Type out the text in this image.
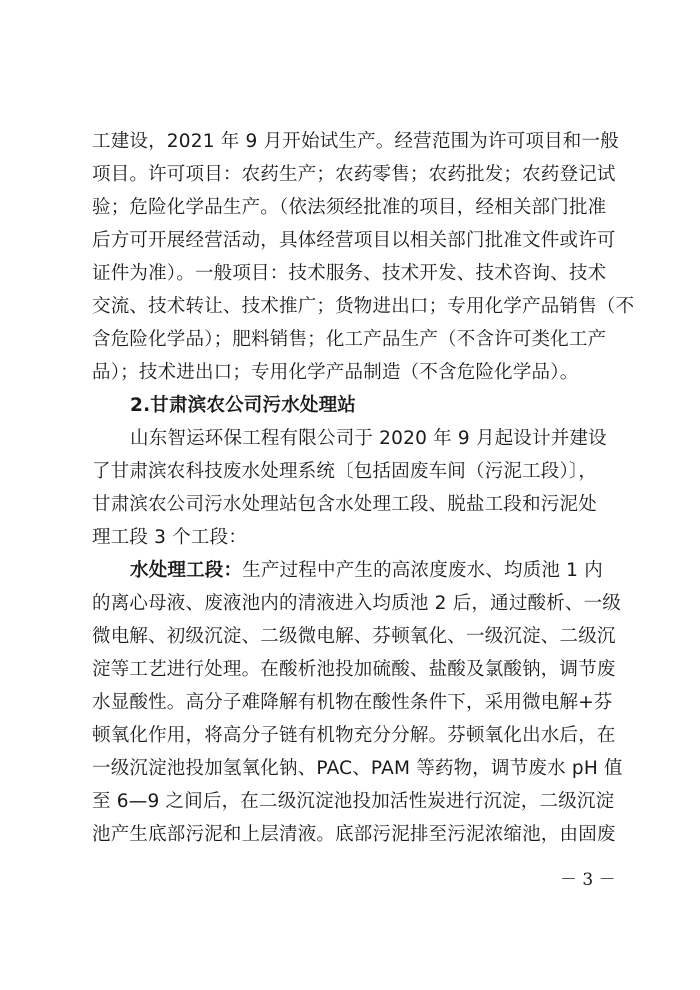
工建设，2021 年 9 月开始试生产。经营范围为许可项目和一般
项目。许可项目：农药生产；农药零售；农药批发；农药登记试
验；危险化学品生产。（依法须经批准的项目，经相关部门批准
后方可开展经营活动，具体经营项目以相关部门批准文件或许可
证件为准）。一般项目：技术服务、技术开发、技术咨询、技术
交流、技术转让、技术推广；货物进出口；专用化学产品销售（不
含危险化学品）；肥料销售；化工产品生产（不含许可类化工产
品）；技术进出口；专用化学产品制造（不含危险化学品）。
2.甘肃滨农公司污水处理站
山东智运环保工程有限公司于 2020 年 9 月起设计并建设
了甘肃滨农科技废水处理系统〔包括固废车间（污泥工段）〕，
甘肃滨农公司污水处理站包含水处理工段、脱盐工段和污泥处
理工段 3 个工段：
水处理工段：生产过程中产生的高浓度废水、均质池 1 内
的离心母液、废液池内的清液进入均质池 2 后，通过酸析、一级
微电解、初级沉淀、二级微电解、芬顿氧化、一级沉淀、二级沉
淀等工艺进行处理。在酸析池投加硫酸、盐酸及氯酸钠，调节废
水显酸性。高分子难降解有机物在酸性条件下，采用微电解+芬
顿氧化作用，将高分子链有机物充分分解。芬顿氧化出水后，在
一级沉淀池投加氢氧化钠、PAC、PAM 等药物，调节废水 pH 值
至 6—9 之间后，在二级沉淀池投加活性炭进行沉淀，二级沉淀
池产生底部污泥和上层清液。底部污泥排至污泥浓缩池，由固废
－ 3 －
